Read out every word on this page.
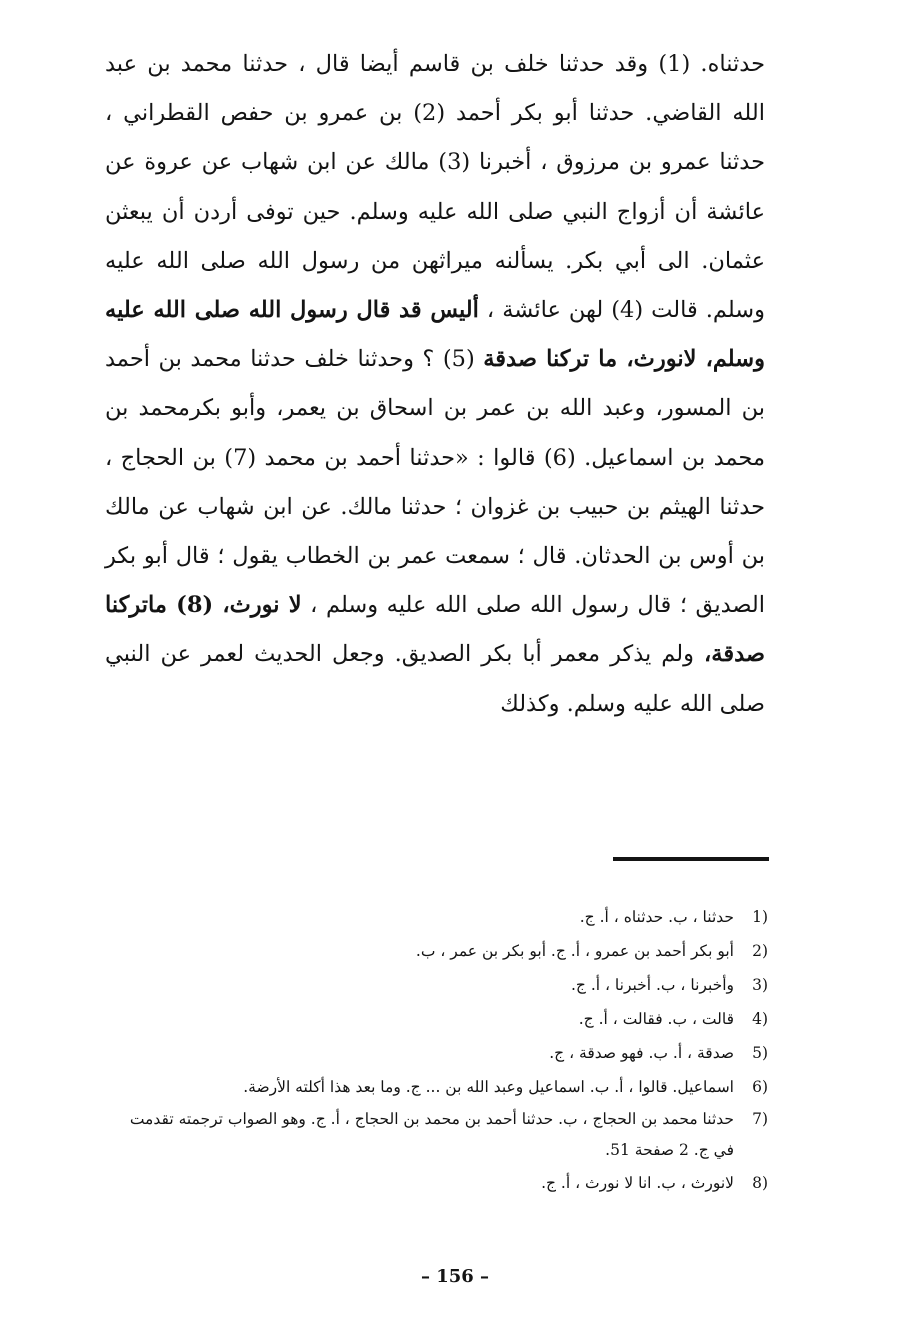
حدثناه. (1) وقد حدثنا خلف بن قاسم أيضا قال ، حدثنا محمد بن عبد الله القاضي. حدثنا أبو بكر أحمد (2) بن عمرو بن حفص القطراني ، حدثنا عمرو بن مرزوق ، أخبرنا (3) مالك عن ابن شهاب عن عروة عن عائشة أن أزواج النبي صلى الله عليه وسلم. حين توفى أردن أن يبعثن عثمان. الى أبي بكر. يسألنه ميراثهن من رسول الله صلى الله عليه وسلم. قالت (4) لهن عائشة ، أليس قد قال رسول الله صلى الله عليه وسلم، لانورث، ما تركنا صدقة (5) ؟ وحدثنا خلف حدثنا محمد بن أحمد بن المسور، وعبد الله بن عمر بن اسحاق بن يعمر، وأبو بكرمحمد بن محمد بن اسماعيل. (6) قالوا : «حدثنا أحمد بن محمد (7) بن الحجاج ، حدثنا الهيثم بن حبيب بن غزوان ؛ حدثنا مالك. عن ابن شهاب عن مالك بن أوس بن الحدثان. قال ؛ سمعت عمر بن الخطاب يقول ؛ قال أبو بكر الصديق ؛ قال رسول الله صلى الله عليه وسلم ، لا نورث، (8) ماتركنا صدقة، ولم يذكر معمر أبا بكر الصديق. وجعل الحديث لعمر عن النبي صلى الله عليه وسلم. وكذلك
1)
حدثنا ، ب. حدثناه ، أ. ج.
2)
أبو بكر أحمد بن عمرو ، أ. ج. أبو بكر بن عمر ، ب.
3)
وأخبرنا ، ب. أخبرنا ، أ. ج.
4)
قالت ، ب. فقالت ، أ. ج.
5)
صدقة ، أ. ب. فهو صدقة ، ج.
6)
اسماعيل. قالوا ، أ. ب. اسماعيل وعبد الله بن ... ج. وما بعد هذا أكلته الأرضة.
7)
حدثنا محمد بن الحجاج ، ب. حدثنا أحمد بن محمد بن الحجاج ، أ. ج. وهو الصواب ترجمته تقدمت في ج. 2 صفحة 51.
8)
لانورث ، ب. انا لا نورث ، أ. ج.
– 156 –
